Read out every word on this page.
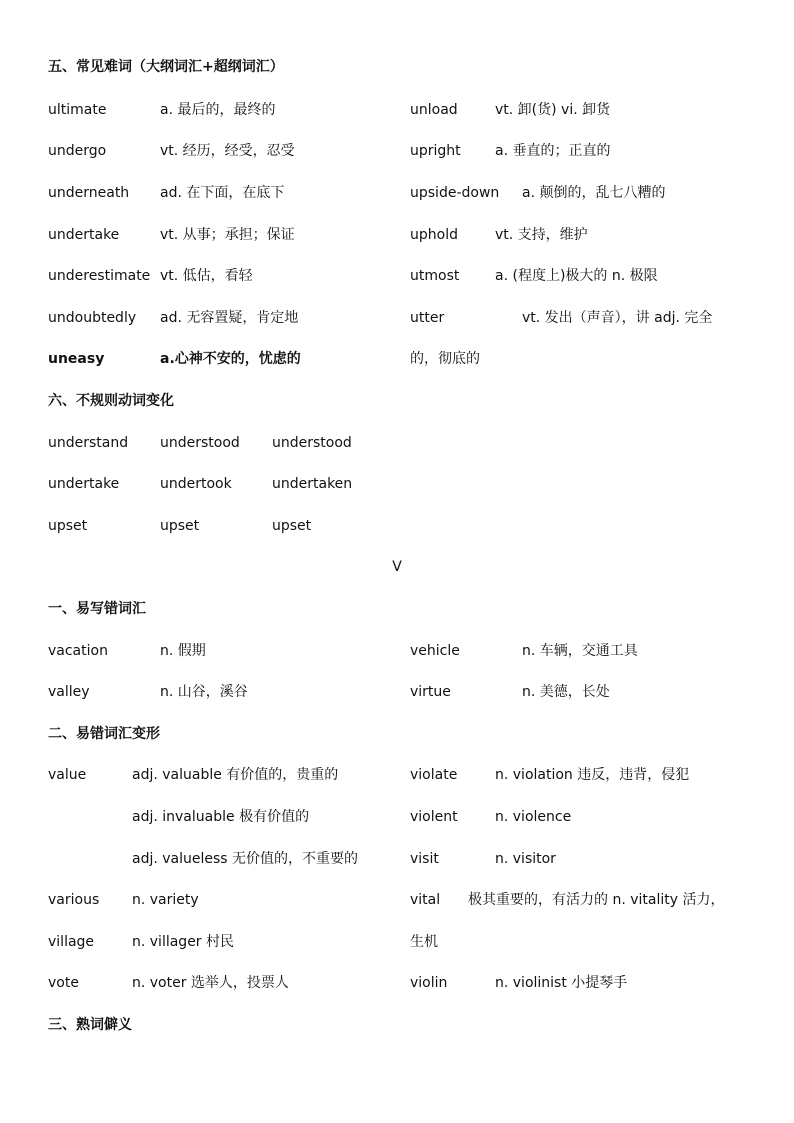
五、常见难词（大纲词汇+超纲词汇）
ultimate	a. 最后的，最终的	unload	vt. 卸(货) vi. 卸货
undergo	vt. 经历，经受，忍受	upright a. 垂直的；正直的
underneath ad. 在下面，在底下	upside-down a. 颠倒的，乱七八糟的
undertake	vt. 从事；承担；保证	uphold	vt. 支持，维护
underestimate vt. 低估，看轻	utmost	a. (程度上)极大的 n. 极限
undoubtedly ad. 无容置疑，肯定地	utter	vt. 发出（声音），讲 adj. 完全
uneasy	a.心神不安的，忧虑的	的，彻底的
六、不规则动词变化
understand understood understood
undertake	undertook	undertaken
upset	upset	upset
V
一、易写错词汇
vacation	n. 假期	vehicle	n. 车辆，交通工具
valley	n. 山谷，溪谷	virtue	n. 美德，长处
二、易错词汇变形
value	adj. valuable 有价值的，贵重的	violate	n. violation 违反，违背，侵犯
adj. invaluable 极有价值的	violent	n. violence
adj. valueless 无价值的，不重要的	visit	n. visitor
various n. variety	vital 极其重要的，有活力的 n. vitality 活力，
village	n. villager 村民	生机
vote	n. voter 选举人，投票人	violin	n. violinist 小提琴手
三、熟词僻义
